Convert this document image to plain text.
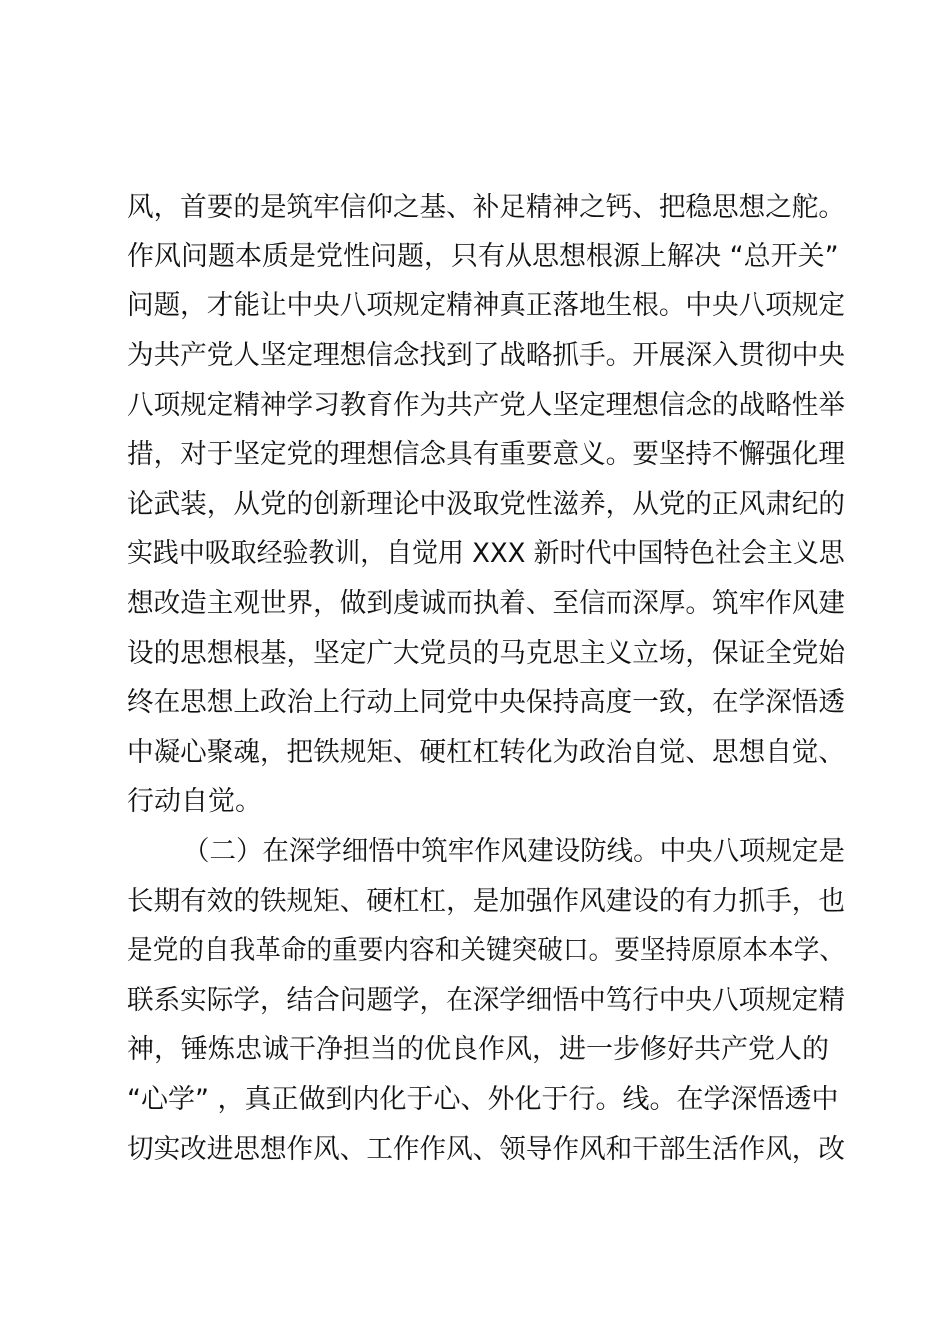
风，首要的是筑牢信仰之基、补足精神之钙、把稳思想之舵。
作风问题本质是党性问题，只有从思想根源上解决 “总开关”
问题，才能让中央八项规定精神真正落地生根。中央八项规定
为共产党人坚定理想信念找到了战略抓手。开展深入贯彻中央
八项规定精神学习教育作为共产党人坚定理想信念的战略性举
措，对于坚定党的理想信念具有重要意义。要坚持不懈强化理
论武装，从党的创新理论中汲取党性滋养，从党的正风肃纪的
实践中吸取经验教训，自觉用 XXX 新时代中国特色社会主义思
想改造主观世界，做到虔诚而执着、至信而深厚。筑牢作风建
设的思想根基，坚定广大党员的马克思主义立场，保证全党始
终在思想上政治上行动上同党中央保持高度一致，在学深悟透
中凝心聚魂，把铁规矩、硬杠杠转化为政治自觉、思想自觉、
行动自觉。
（二）在深学细悟中筑牢作风建设防线。中央八项规定是
长期有效的铁规矩、硬杠杠，是加强作风建设的有力抓手，也
是党的自我革命的重要内容和关键突破口。要坚持原原本本学、
联系实际学，结合问题学，在深学细悟中笃行中央八项规定精
神，锤炼忠诚干净担当的优良作风，进一步修好共产党人的
“心学” ，真正做到内化于心、外化于行。线。在学深悟透中
切实改进思想作风、工作作风、领导作风和干部生活作风，改
